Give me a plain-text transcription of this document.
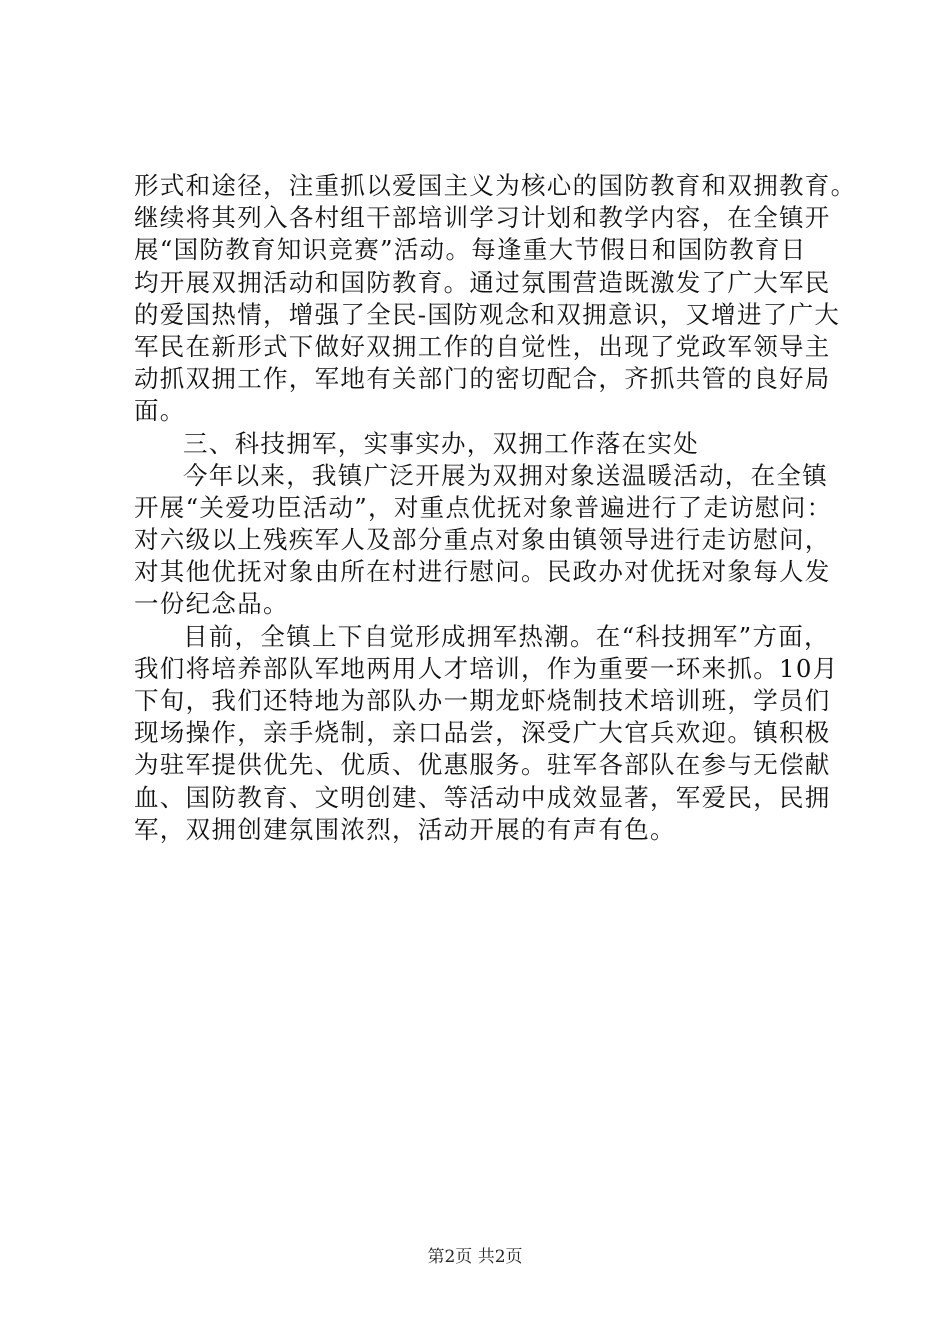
形式和途径，注重抓以爱国主义为核心的国防教育和双拥教育。
继续将其列入各村组干部培训学习计划和教学内容，在全镇开
展“国防教育知识竞赛”活动。每逢重大节假日和国防教育日
均开展双拥活动和国防教育。通过氛围营造既激发了广大军民
的爱国热情，增强了全民-国防观念和双拥意识，又增进了广大
军民在新形式下做好双拥工作的自觉性，出现了党政军领导主
动抓双拥工作，军地有关部门的密切配合，齐抓共管的良好局
面。
三、科技拥军，实事实办，双拥工作落在实处
今年以来，我镇广泛开展为双拥对象送温暖活动，在全镇
开展“关爱功臣活动”，对重点优抚对象普遍进行了走访慰问：
对六级以上残疾军人及部分重点对象由镇领导进行走访慰问，
对其他优抚对象由所在村进行慰问。民政办对优抚对象每人发
一份纪念品。
目前，全镇上下自觉形成拥军热潮。在“科技拥军”方面，
我们将培养部队军地两用人才培训，作为重要一环来抓。10月
下旬，我们还特地为部队办一期龙虾烧制技术培训班，学员们
现场操作，亲手烧制，亲口品尝，深受广大官兵欢迎。镇积极
为驻军提供优先、优质、优惠服务。驻军各部队在参与无偿献
血、国防教育、文明创建、等活动中成效显著，军爱民，民拥
军，双拥创建氛围浓烈，活动开展的有声有色。
第2页 共2页
